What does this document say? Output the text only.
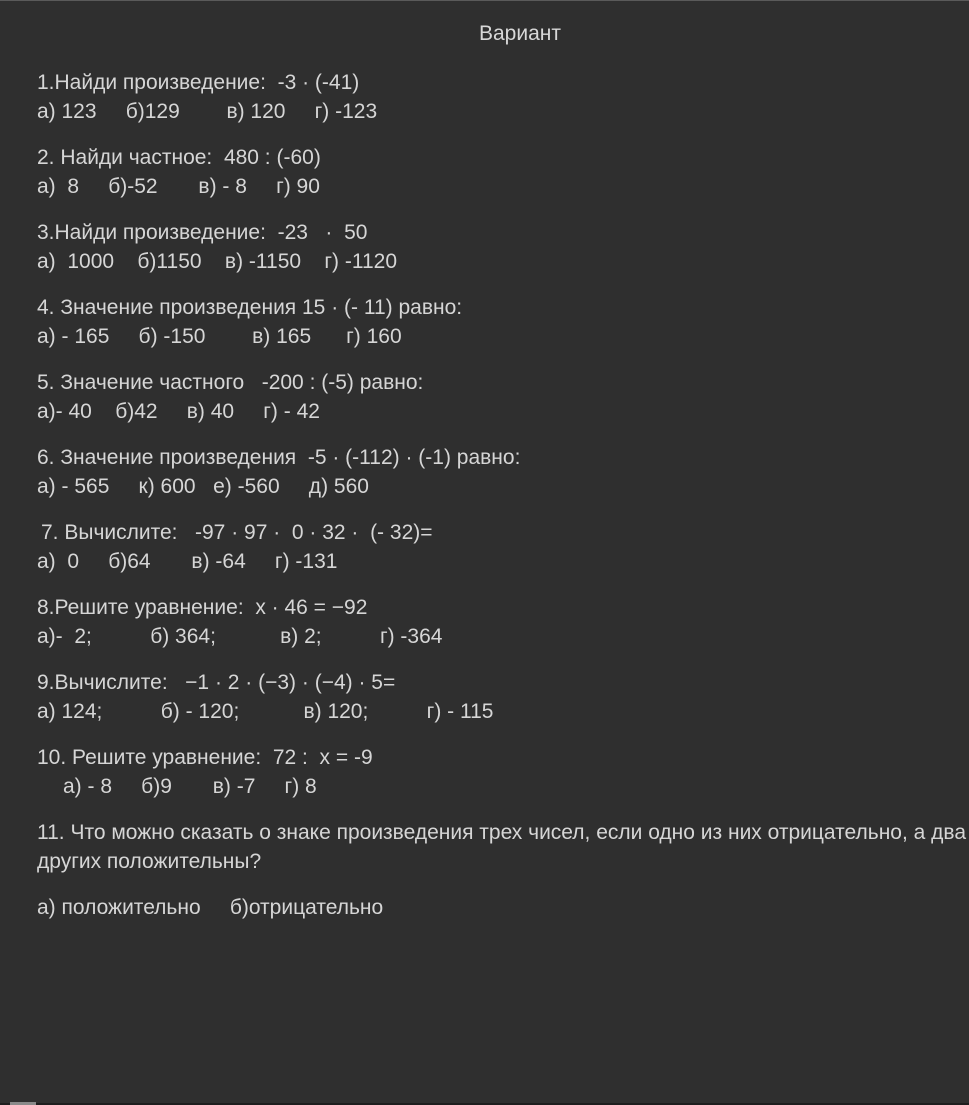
Вариант
1.Найди произведение:  -3 · (-41)
а) 123     б)129        в) 120     г) -123
2. Найди частное:  480 : (-60)
а)  8     б)-52       в) - 8     г) 90
3.Найди произведение:  -23   ·  50
а)  1000    б)1150    в) -1150    г) -1120
4. Значение произведения 15 · (- 11) равно:
а) - 165     б) -150        в) 165      г) 160
5. Значение частного   -200 : (-5) равно:
а)- 40    б)42     в) 40     г) - 42
6. Значение произведения  -5 · (-112) · (-1) равно:
а) - 565     к) 600   е) -560     д) 560
7. Вычислите:   -97 · 97 ·  0 · 32 ·  (- 32)=
а)  0     б)64       в) -64     г) -131
8.Решите уравнение:  x · 46 = −92
а)-  2;          б) 364;           в) 2;          г) -364
9.Вычислите:   −1 · 2 · (−3) · (−4) · 5=
а) 124;          б) - 120;           в) 120;          г) - 115
10. Решите уравнение:  72 :  x = -9
а) - 8     б)9       в) -7     г) 8
11. Что можно сказать о знаке произведения трех чисел, если одно из них отрицательно, а два других положительны?
а) положительно     б)отрицательно
